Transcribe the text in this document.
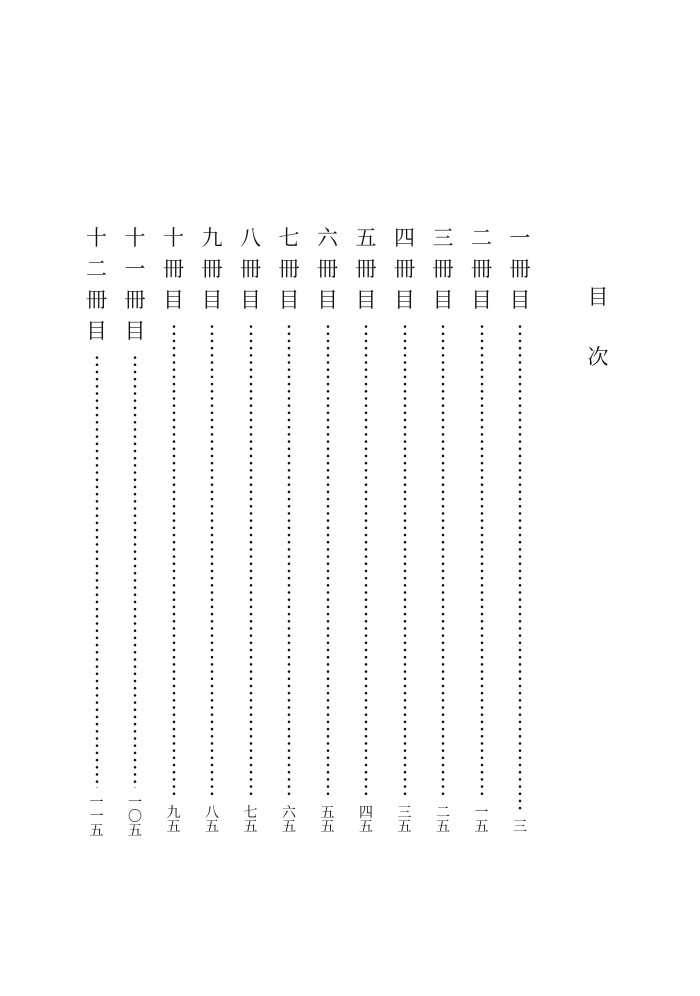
目
次
一
冊
目
三
二
冊
目
一
五
三
冊
目
二
五
四
冊
目
三
五
五
冊
目
四
五
六
冊
目
五
五
七
冊
目
六
五
八
冊
目
七
五
九
冊
目
八
五
十
冊
目
九
五
十
一
冊
目
一
〇
五
十
二
冊
目
一
一
五
